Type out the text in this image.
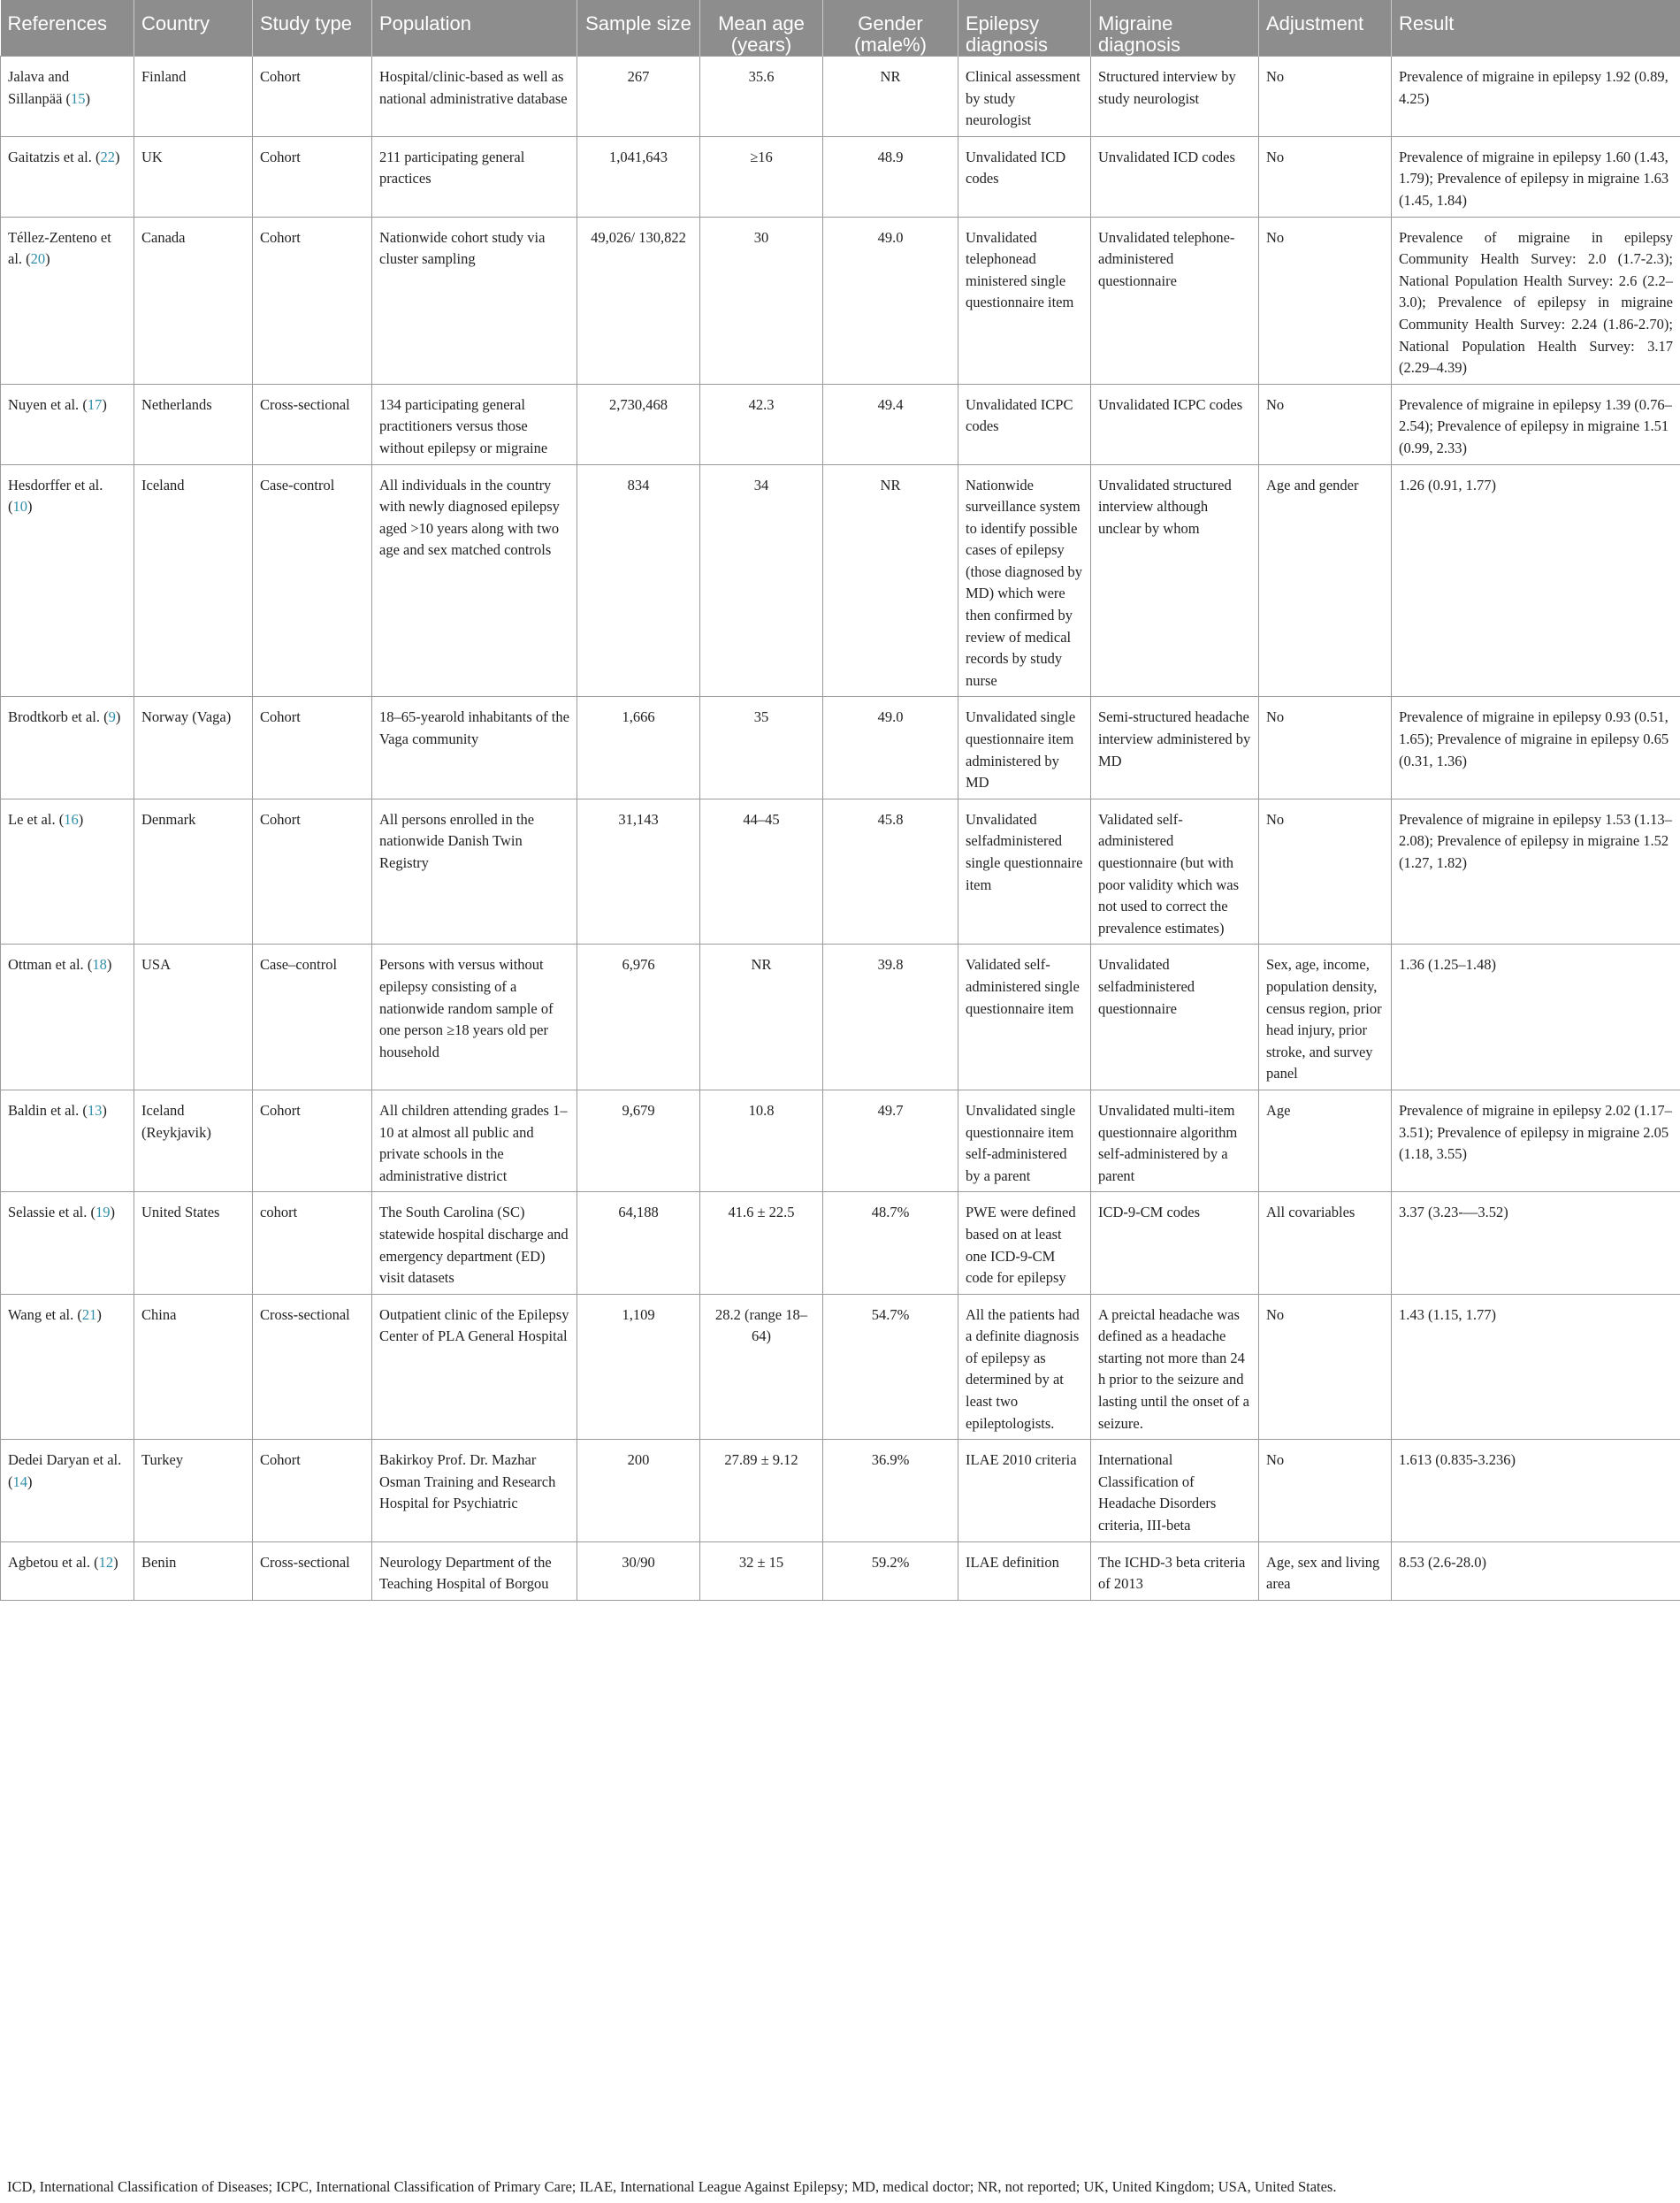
References	Country	Study type	Population	Sample size	Mean age (years)	Gender (male%)	Epilepsy diagnosis	Migraine diagnosis	Adjustment	Result
Jalava and Sillanpää (15)	Finland	Cohort	Hospital/clinic-based as well as national administrative database	267	35.6	NR	Clinical assessment by study neurologist	Structured interview by study neurologist	No	Prevalence of migraine in epilepsy 1.92 (0.89, 4.25)
Gaitatzis et al. (22)	UK	Cohort	211 participating general practices	1,041,643	≥16	48.9	Unvalidated ICD codes	Unvalidated ICD codes	No	Prevalence of migraine in epilepsy 1.60 (1.43, 1.79); Prevalence of epilepsy in migraine 1.63 (1.45, 1.84)
Téllez-Zenteno et al. (20)	Canada	Cohort	Nationwide cohort study via cluster sampling	49,026/ 130,822	30	49.0	Unvalidated telephonead ministered single questionnaire item	Unvalidated telephone-administered questionnaire	No	Prevalence of migraine in epilepsy Community Health Survey: 2.0 (1.7-2.3); National Population Health Survey: 2.6 (2.2–3.0); Prevalence of epilepsy in migraine Community Health Survey: 2.24 (1.86-2.70); National Population Health Survey: 3.17 (2.29–4.39)
Nuyen et al. (17)	Netherlands	Cross-sectional	134 participating general practitioners versus those without epilepsy or migraine	2,730,468	42.3	49.4	Unvalidated ICPC codes	Unvalidated ICPC codes	No	Prevalence of migraine in epilepsy 1.39 (0.76–2.54); Prevalence of epilepsy in migraine 1.51 (0.99, 2.33)
Hesdorffer et al. (10)	Iceland	Case-control	All individuals in the country with newly diagnosed epilepsy aged >10 years along with two age and sex matched controls	834	34	NR	Nationwide surveillance system to identify possible cases of epilepsy (those diagnosed by MD) which were then confirmed by review of medical records by study nurse	Unvalidated structured interview although unclear by whom	Age and gender	1.26 (0.91, 1.77)
Brodtkorb et al. (9)	Norway (Vaga)	Cohort	18–65-yearold inhabitants of the Vaga community	1,666	35	49.0	Unvalidated single questionnaire item administered by MD	Semi-structured headache interview administered by MD	No	Prevalence of migraine in epilepsy 0.93 (0.51, 1.65); Prevalence of migraine in epilepsy 0.65 (0.31, 1.36)
Le et al. (16)	Denmark	Cohort	All persons enrolled in the nationwide Danish Twin Registry	31,143	44–45	45.8	Unvalidated selfadministered single questionnaire item	Validated self-administered questionnaire (but with poor validity which was not used to correct the prevalence estimates)	No	Prevalence of migraine in epilepsy 1.53 (1.13–2.08); Prevalence of epilepsy in migraine 1.52 (1.27, 1.82)
Ottman et al. (18)	USA	Case–control	Persons with versus without epilepsy consisting of a nationwide random sample of one person ≥18 years old per household	6,976	NR	39.8	Validated self-administered single questionnaire item	Unvalidated selfadministered questionnaire	Sex, age, income, population density, census region, prior head injury, prior stroke, and survey panel	1.36 (1.25–1.48)
Baldin et al. (13)	Iceland (Reykjavik)	Cohort	All children attending grades 1–10 at almost all public and private schools in the administrative district	9,679	10.8	49.7	Unvalidated single questionnaire item self-administered by a parent	Unvalidated multi-item questionnaire algorithm self-administered by a parent	Age	Prevalence of migraine in epilepsy 2.02 (1.17–3.51); Prevalence of epilepsy in migraine 2.05 (1.18, 3.55)
Selassie et al. (19)	United States	cohort	The South Carolina (SC) statewide hospital discharge and emergency department (ED) visit datasets	64,188	41.6 ± 22.5	48.7%	PWE were defined based on at least one ICD-9-CM code for epilepsy	ICD-9-CM codes	All covariables	3.37 (3.23-—3.52)
Wang et al. (21)	China	Cross-sectional	Outpatient clinic of the Epilepsy Center of PLA General Hospital	1,109	28.2 (range 18–64)	54.7%	All the patients had a definite diagnosis of epilepsy as determined by at least two epileptologists.	A preictal headache was defined as a headache starting not more than 24 h prior to the seizure and lasting until the onset of a seizure.	No	1.43 (1.15, 1.77)
Dedei Daryan et al. (14)	Turkey	Cohort	Bakirkoy Prof. Dr. Mazhar Osman Training and Research Hospital for Psychiatric	200	27.89 ± 9.12	36.9%	ILAE 2010 criteria	International Classification of Headache Disorders criteria, III-beta	No	1.613 (0.835-3.236)
Agbetou et al. (12)	Benin	Cross-sectional	Neurology Department of the Teaching Hospital of Borgou	30/90	32 ± 15	59.2%	ILAE definition	The ICHD-3 beta criteria of 2013	Age, sex and living area	8.53 (2.6-28.0)

ICD, International Classification of Diseases; ICPC, International Classification of Primary Care; ILAE, International League Against Epilepsy; MD, medical doctor; NR, not reported; UK, United Kingdom; USA, United States.
